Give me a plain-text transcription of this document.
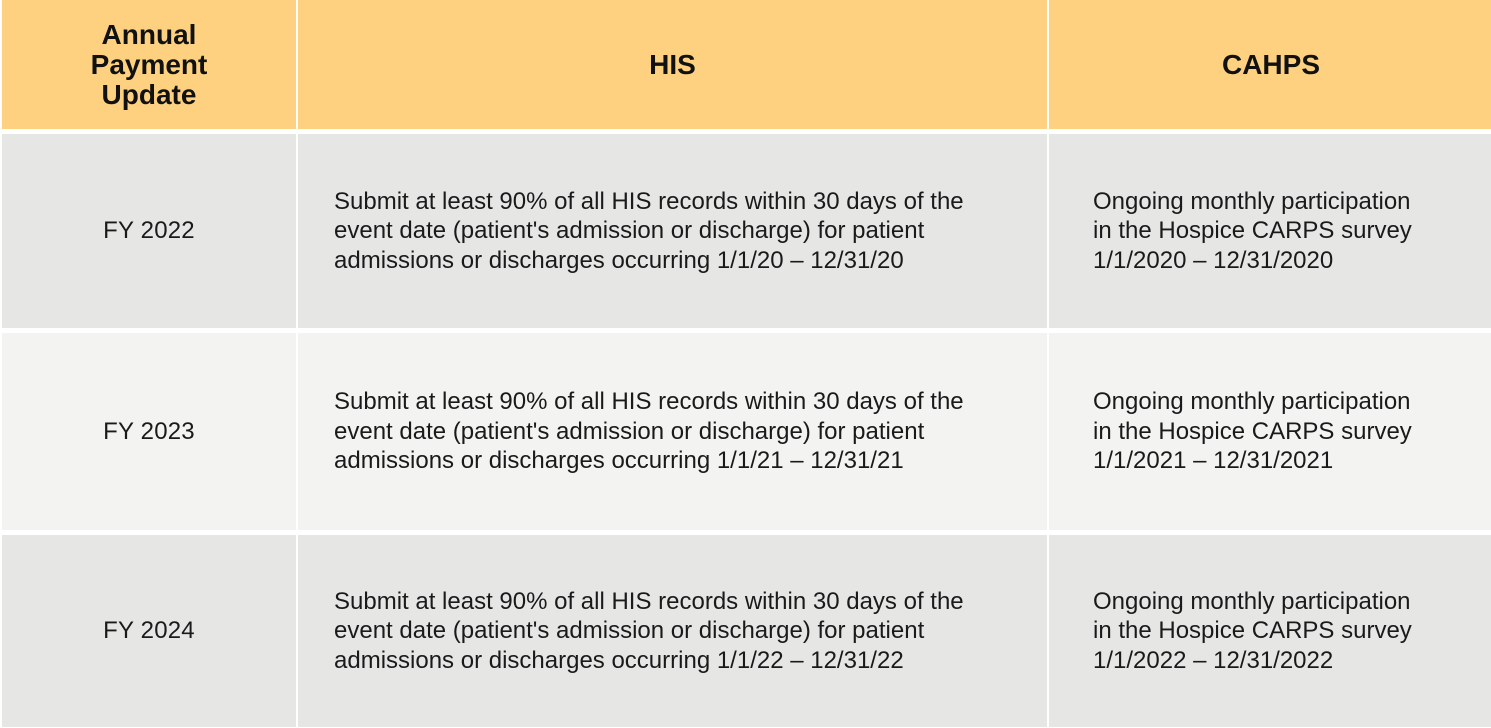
Annual
Payment
Update
HIS	CAHPS
FY 2022
Submit at least 90% of all HIS records within 30 days of the
event date (patient's admission or discharge) for patient
admissions or discharges occurring 1/1/20 – 12/31/20
Ongoing monthly participation
in the Hospice CARPS survey
1/1/2020 – 12/31/2020
FY 2023
Submit at least 90% of all HIS records within 30 days of the
event date (patient's admission or discharge) for patient
admissions or discharges occurring 1/1/21 – 12/31/21
Ongoing monthly participation
in the Hospice CARPS survey
1/1/2021 – 12/31/2021
FY 2024
Submit at least 90% of all HIS records within 30 days of the
event date (patient's admission or discharge) for patient
admissions or discharges occurring 1/1/22 – 12/31/22
Ongoing monthly participation
in the Hospice CARPS survey
1/1/2022 – 12/31/2022
